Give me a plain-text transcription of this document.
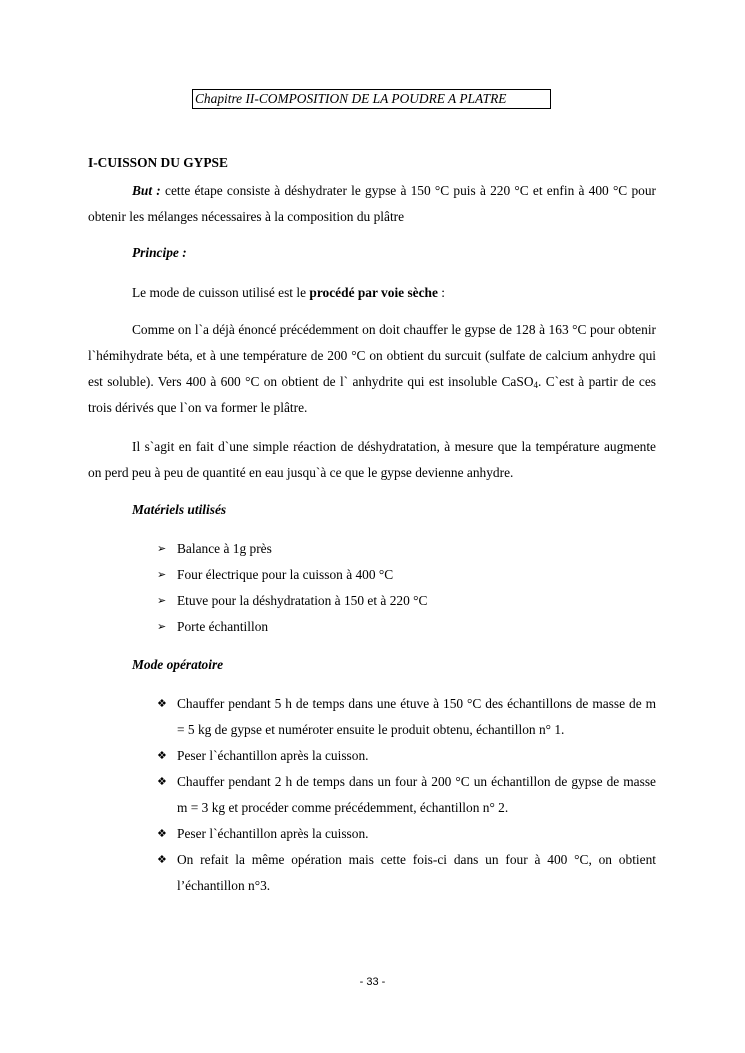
Chapitre II-COMPOSITION DE LA POUDRE A PLATRE
I-CUISSON DU GYPSE

But : cette étape consiste à déshydrater le gypse à 150 °C puis à 220 °C et enfin à 400 °C pour obtenir les mélanges nécessaires à la composition du plâtre

Principe :
Le mode de cuisson utilisé est le procédé par voie sèche :

Comme on l`a déjà énoncé précédemment on doit chauffer le gypse de 128 à 163 °C pour obtenir l`hémihydrate béta, et à une température de 200 °C on obtient du surcuit (sulfate de calcium anhydre qui est soluble). Vers 400 à 600 °C on obtient de l` anhydrite qui est insoluble CaSO$_4$. C`est à partir de ces trois dérivés que l`on va former le plâtre.

Il s`agit en fait d`une simple réaction de déshydratation, à mesure que la température augmente on perd peu à peu de quantité en eau jusqu`à ce que le gypse devienne anhydre.

Matériels utilisés
➢ Balance à 1g près
➢ Four électrique pour la cuisson à 400 °C
➢ Etuve pour la déshydratation à 150 et à 220 °C
➢ Porte échantillon
Mode opératoire
❖ Chauffer pendant 5 h de temps dans une étuve à 150 °C des échantillons de masse de m = 5 kg de gypse et numéroter ensuite le produit obtenu, échantillon n° 1.
❖ Peser l`échantillon après la cuisson.
❖ Chauffer pendant 2 h de temps dans un four à 200 °C un échantillon de gypse de masse m = 3 kg et procéder comme précédemment, échantillon n° 2.
❖ Peser l`échantillon après la cuisson.
❖ On refait la même opération mais cette fois-ci dans un four à 400 °C, on obtient l’échantillon n°3.
- 33 -
